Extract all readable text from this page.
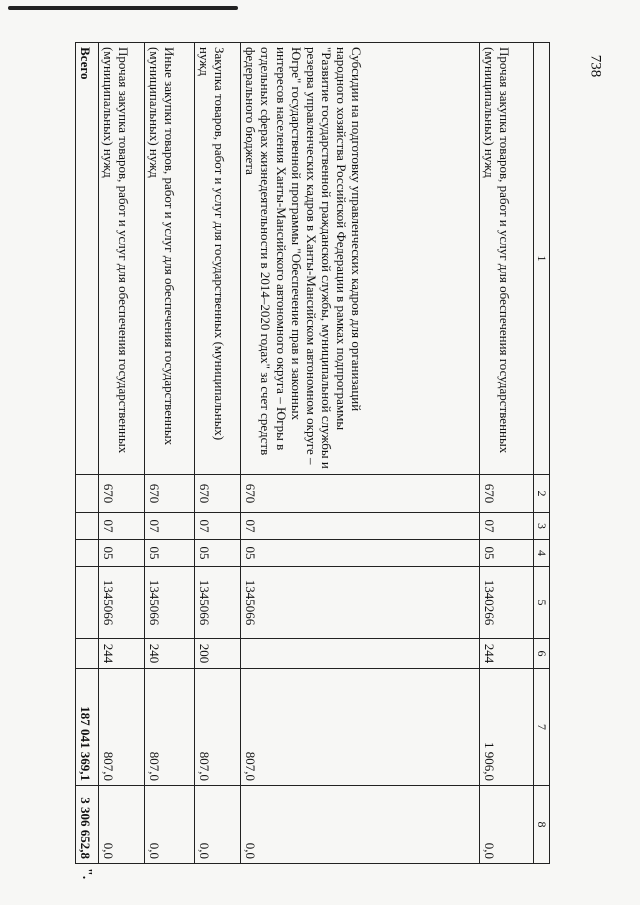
738
1	2	3	4	5	6	7	8	
Прочая закупка товаров, работ и услуг для обеспечения государственных (муниципальных) нужд	670	07	05	1340266	244	1 906,0	0,0	
Субсидии на подготовку управленческих кадров для организаций народного хозяйства Российской Федерации в рамках подпрограммы "Развитие государственной гражданской службы, муниципальной службы и резерва управленческих кадров в Ханты-Мансийском автономном округе – Югре" государственной программы "Обеспечение прав и законных интересов населения Ханты-Мансийского автономного округа – Югры в отдельных сферах жизнедеятельности в 2014–2020 годах" за счет средств федерального бюджета	670	07	05	1345066		807,0	0,0	
Закупка товаров, работ и услуг для государственных (муниципальных) нужд	670	07	05	1345066	200	807,0	0,0	
Иные закупки товаров, работ и услуг для обеспечения государственных (муниципальных) нужд	670	07	05	1345066	240	807,0	0,0	
Прочая закупка товаров, работ и услуг для обеспечения государственных (муниципальных) нужд	670	07	05	1345066	244	807,0	0,0	
Всего						187 041 369,1	3 306 652,8	".
